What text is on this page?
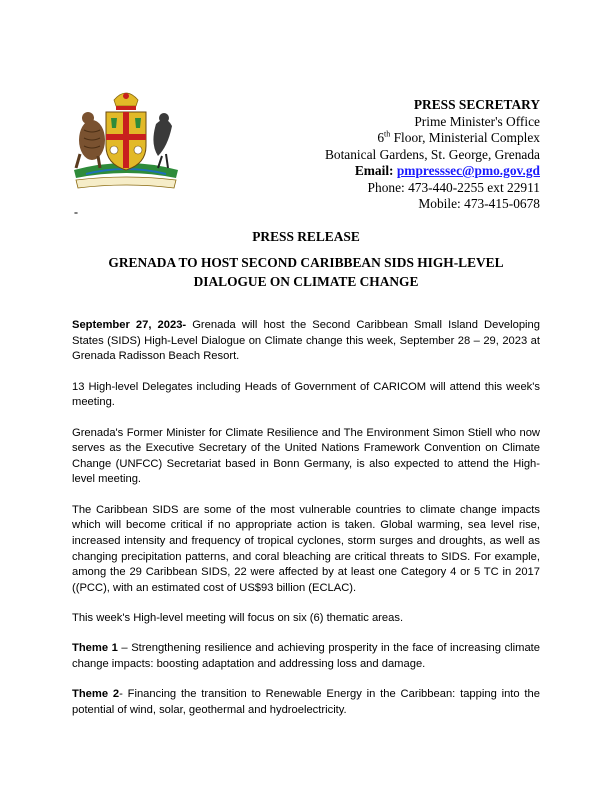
PRESS SECRETARY
Prime Minister's Office
6th Floor, Ministerial Complex
Botanical Gardens, St. George, Grenada
Email: pmpresssec@pmo.gov.gd
Phone: 473-440-2255 ext 22911
Mobile: 473-415-0678
-
PRESS RELEASE
GRENADA TO HOST SECOND CARIBBEAN SIDS HIGH-LEVEL
DIALOGUE ON CLIMATE CHANGE

September 27, 2023- Grenada will host the Second Caribbean Small Island Developing States (SIDS) High-Level Dialogue on Climate change this week, September 28 – 29, 2023 at Grenada Radisson Beach Resort.

13 High-level Delegates including Heads of Government of CARICOM will attend this week's meeting.

Grenada's Former Minister for Climate Resilience and The Environment Simon Stiell who now serves as the Executive Secretary of the United Nations Framework Convention on Climate Change (UNFCC) Secretariat based in Bonn Germany, is also expected to attend the High-level meeting.

The Caribbean SIDS are some of the most vulnerable countries to climate change impacts which will become critical if no appropriate action is taken. Global warming, sea level rise, increased intensity and frequency of tropical cyclones, storm surges and droughts, as well as changing precipitation patterns, and coral bleaching are critical threats to SIDS. For example, among the 29 Caribbean SIDS, 22 were affected by at least one Category 4 or 5 TC in 2017 ((PCC), with an estimated cost of US$93 billion (ECLAC).

This week's High-level meeting will focus on six (6) thematic areas.

Theme 1 – Strengthening resilience and achieving prosperity in the face of increasing climate change impacts: boosting adaptation and addressing loss and damage.

Theme 2- Financing the transition to Renewable Energy in the Caribbean: tapping into the potential of wind, solar, geothermal and hydroelectricity.
